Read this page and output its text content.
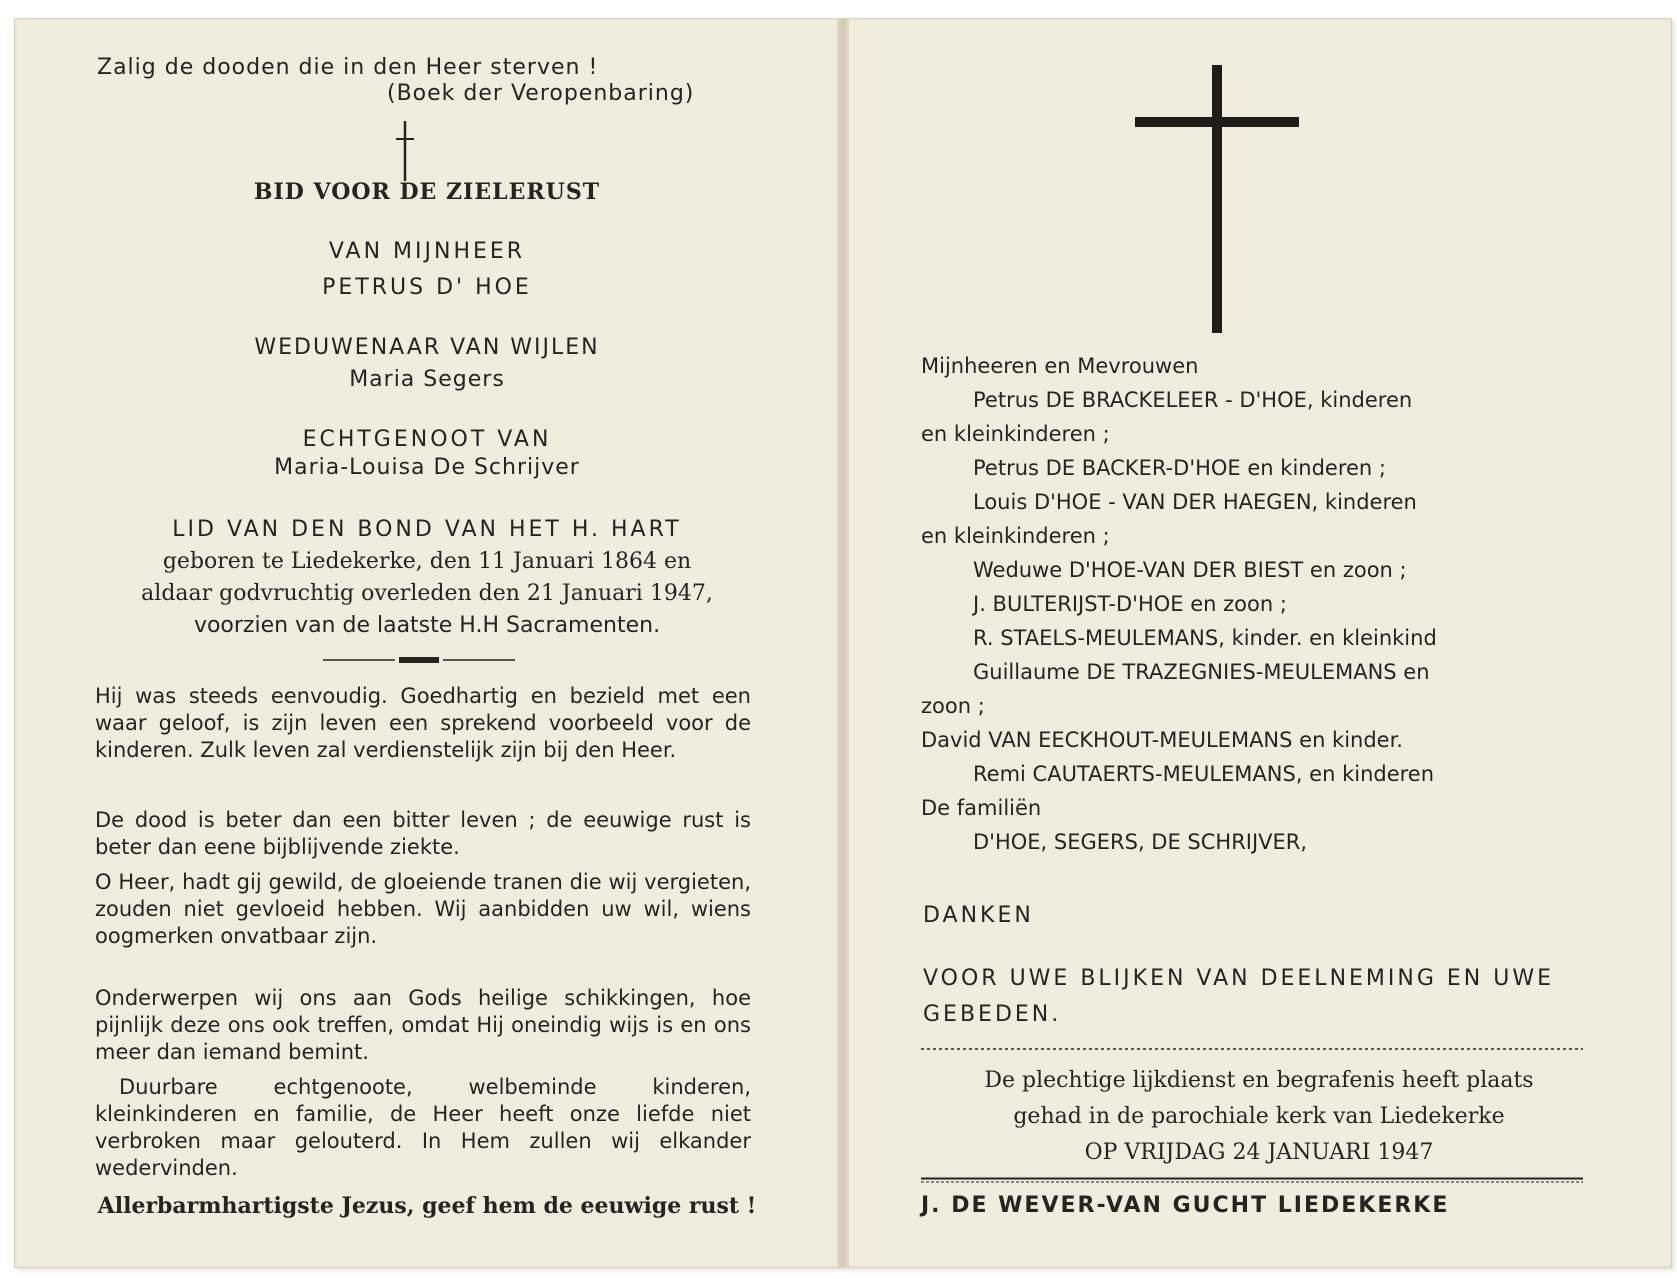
Zalig de dooden die in den Heer sterven !
(Boek der Veropenbaring)
BID VOOR DE ZIELERUST
VAN MIJNHEER
PETRUS D' HOE
WEDUWENAAR VAN WIJLEN
Maria Segers
ECHTGENOOT VAN
Maria-Louisa De Schrijver
LID VAN DEN BOND VAN HET H. HART
geboren te Liedekerke, den 11 Januari 1864 en
aldaar godvruchtig overleden den 21 Januari 1947,
voorzien van de laatste H.H Sacramenten.

Hij was steeds eenvoudig. Goedhartig en bezield met een waar geloof, is zijn leven een sprekend voorbeeld voor de kinderen. Zulk leven zal verdienstelijk zijn bij den Heer.

De dood is beter dan een bitter leven ; de eeuwige rust is beter dan eene bijblijvende ziekte.

O Heer, hadt gij gewild, de gloeiende tranen die wij vergieten, zouden niet gevloeid hebben. Wij aanbidden uw wil, wiens oogmerken onvatbaar zijn.

Onderwerpen wij ons aan Gods heilige schikkingen, hoe pijnlijk deze ons ook treffen, omdat Hij oneindig wijs is en ons meer dan iemand bemint.

Duurbare echtgenoote, welbeminde kinderen, kleinkinderen en familie, de Heer heeft onze liefde niet verbroken maar gelouterd. In Hem zullen wij elkander wedervinden.

Allerbarmhartigste Jezus, geef hem de eeuwige rust !
Mijnheeren en Mevrouwen
Petrus DE BRACKELEER - D'HOE, kinderen
en kleinkinderen ;
Petrus DE BACKER-D'HOE en kinderen ;
Louis D'HOE - VAN DER HAEGEN, kinderen
en kleinkinderen ;
Weduwe D'HOE-VAN DER BIEST en zoon ;
J. BULTERIJST-D'HOE en zoon ;
R. STAELS-MEULEMANS, kinder. en kleinkind
Guillaume DE TRAZEGNIES-MEULEMANS en
zoon ;
David VAN EECKHOUT-MEULEMANS en kinder.
Remi CAUTAERTS-MEULEMANS, en kinderen
De familiën
D'HOE, SEGERS, DE SCHRIJVER,
DANKEN
VOOR UWE BLIJKEN VAN DEELNEMING EN UWE GEBEDEN.
De plechtige lijkdienst en begrafenis heeft plaats
gehad in de parochiale kerk van Liedekerke
OP VRIJDAG 24 JANUARI 1947
J. DE WEVER-VAN GUCHT LIEDEKERKE
